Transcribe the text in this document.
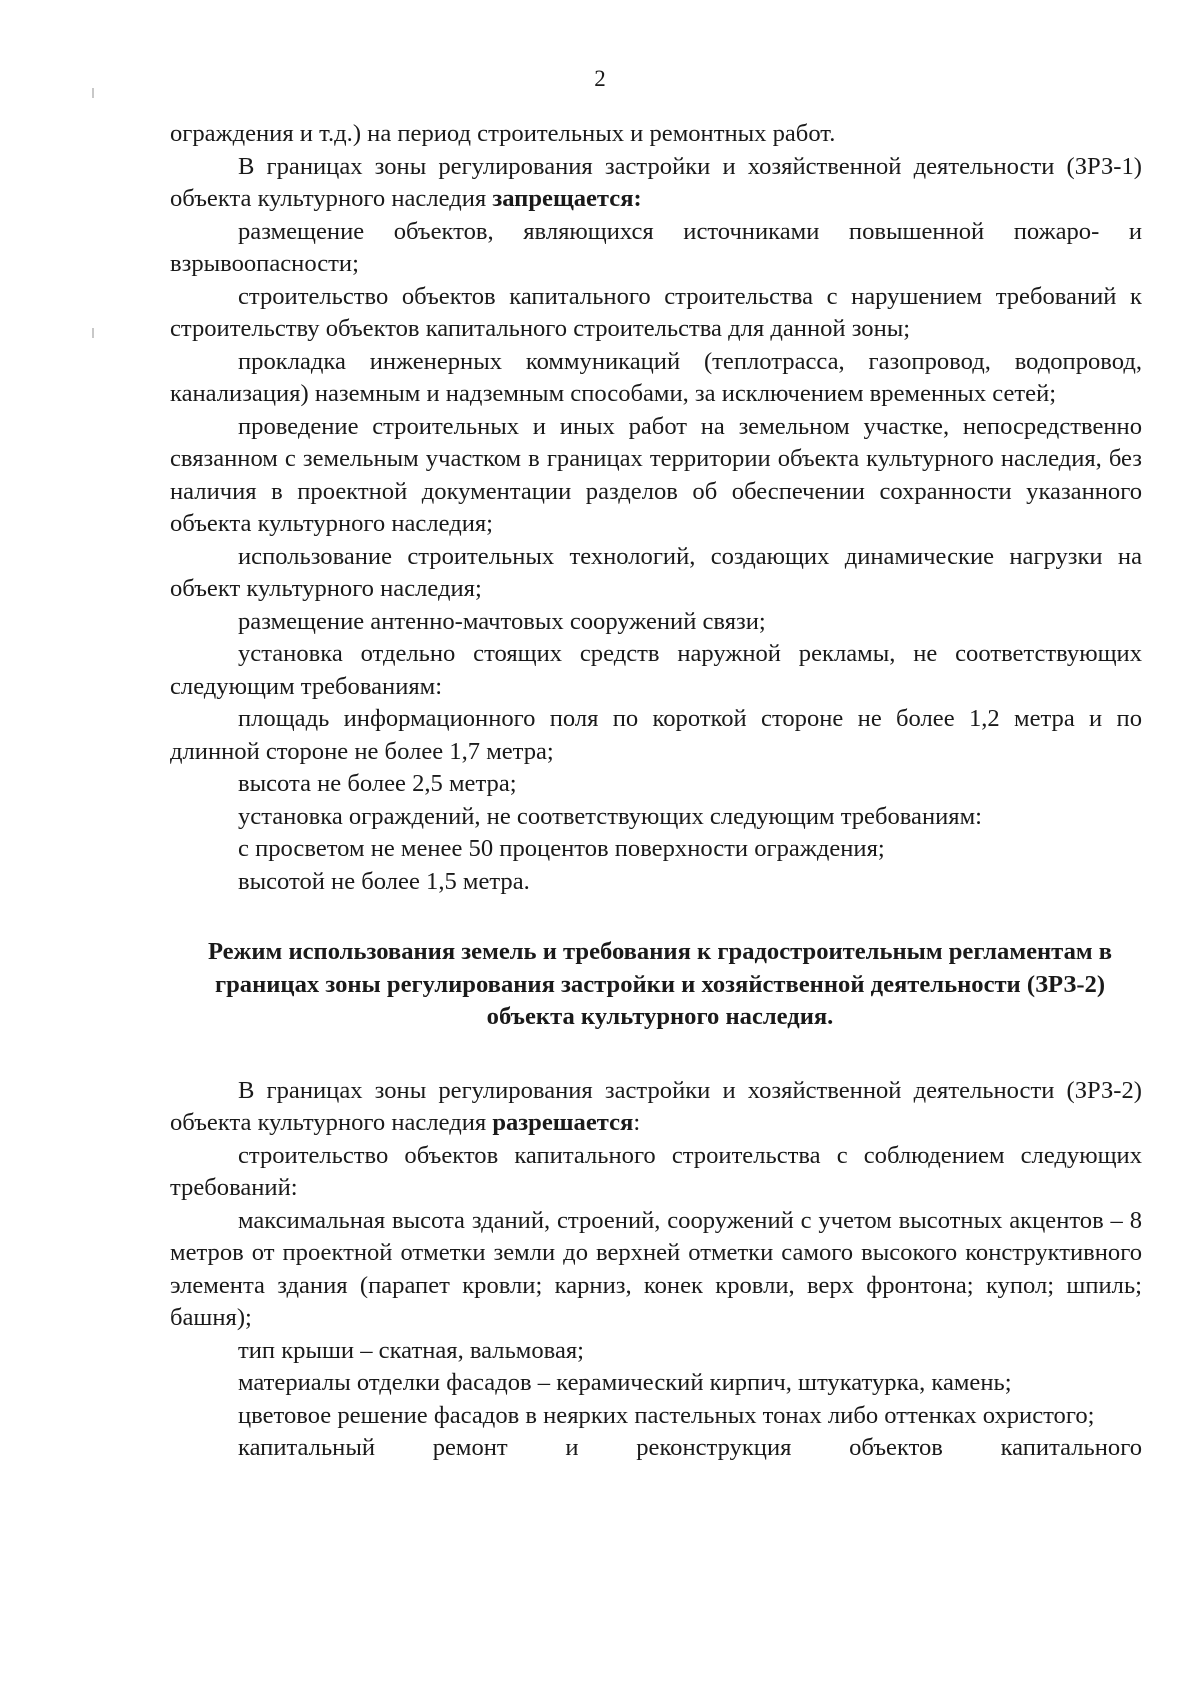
2

ограждения и т.д.) на период строительных и ремонтных работ.

В границах зоны регулирования застройки и хозяйственной деятельности (ЗРЗ-1) объекта культурного наследия запрещается:

размещение объектов, являющихся источниками повышенной пожаро- и взрывоопасности;

строительство объектов капитального строительства с нарушением требований к строительству объектов капитального строительства для данной зоны;

прокладка инженерных коммуникаций (теплотрасса, газопровод, водопровод, канализация) наземным и надземным способами, за исключением временных сетей;

проведение строительных и иных работ на земельном участке, непосредственно связанном с земельным участком в границах территории объекта культурного наследия, без наличия в проектной документации разделов об обеспечении сохранности указанного объекта культурного наследия;

использование строительных технологий, создающих динамические нагрузки на объект культурного наследия;

размещение антенно-мачтовых сооружений связи;

установка отдельно стоящих средств наружной рекламы, не соответствующих следующим требованиям:

площадь информационного поля по короткой стороне не более 1,2 метра и по длинной стороне не более 1,7 метра;

высота не более 2,5 метра;

установка ограждений, не соответствующих следующим требованиям:

с просветом не менее 50 процентов поверхности ограждения;

высотой не более 1,5 метра.

Режим использования земель и требования к градостроительным регламентам в границах зоны регулирования застройки и хозяйственной деятельности (ЗРЗ-2) объекта культурного наследия.

В границах зоны регулирования застройки и хозяйственной деятельности (ЗРЗ-2) объекта культурного наследия разрешается:

строительство объектов капитального строительства с соблюдением следующих требований:

максимальная высота зданий, строений, сооружений с учетом высотных акцентов – 8 метров от проектной отметки земли до верхней отметки самого высокого конструктивного элемента здания (парапет кровли; карниз, конек кровли, верх фронтона; купол; шпиль; башня);

тип крыши – скатная, вальмовая;

материалы отделки фасадов – керамический кирпич, штукатурка, камень;

цветовое решение фасадов в неярких пастельных тонах либо оттенках охристого;

капитальный ремонт и реконструкция объектов капитального
